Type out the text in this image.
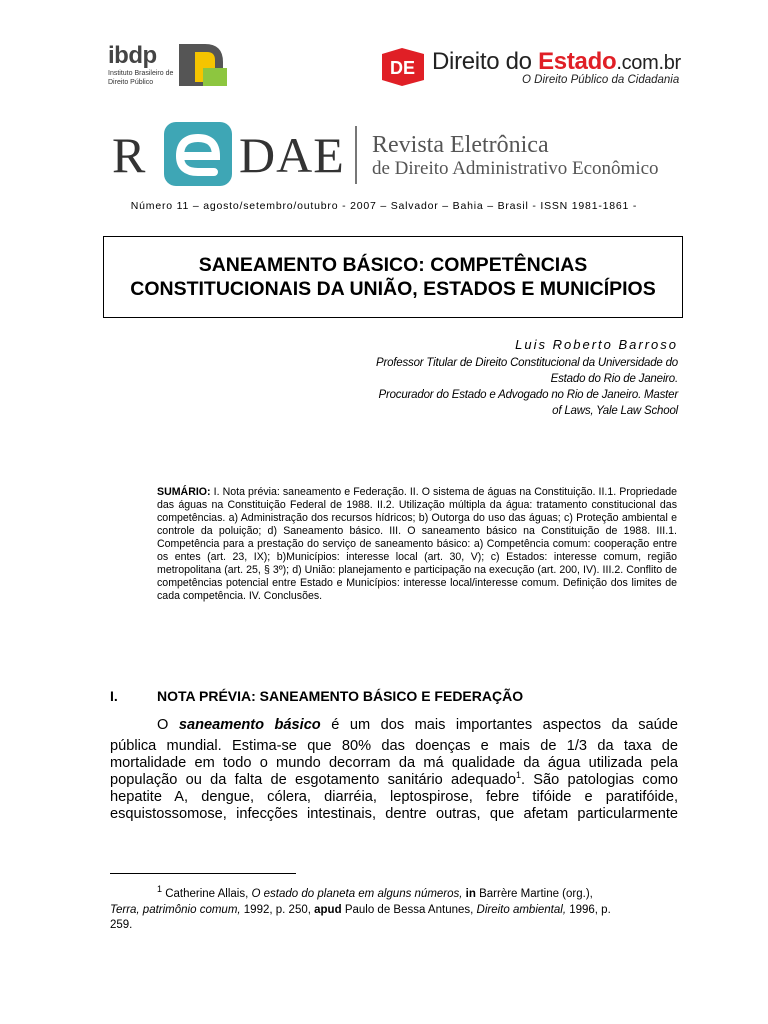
ibdp
Instituto Brasileiro de
Direito Público
DE Direito do Estado.com.br
O Direito Público da Cidadania
R DAE Revista Eletrônica
de Direito Administrativo Econômico
Número 11 – agosto/setembro/outubro - 2007 – Salvador – Bahia – Brasil - ISSN 1981-1861 -
SANEAMENTO BÁSICO: COMPETÊNCIAS
CONSTITUCIONAIS DA UNIÃO, ESTADOS E MUNICÍPIOS
Luis Roberto Barroso
Professor Titular de Direito Constitucional da Universidade do
Estado do Rio de Janeiro.
Procurador do Estado e Advogado no Rio de Janeiro. Master
of Laws, Yale Law School
SUMÁRIO: I. Nota prévia: saneamento e Federação. II. O sistema de águas na Constituição. II.1. Propriedade das águas na Constituição Federal de 1988. II.2. Utilização múltipla da água: tratamento constitucional das competências. a) Administração dos recursos hídricos; b) Outorga do uso das águas; c) Proteção ambiental e controle da poluição; d) Saneamento básico. III. O saneamento básico na Constituição de 1988. III.1. Competência para a prestação do serviço de saneamento básico: a) Competência comum: cooperação entre os entes (art. 23, IX); b)Municípios: interesse local (art. 30, V); c) Estados: interesse comum, região metropolitana (art. 25, § 3º); d) União: planejamento e participação na execução (art. 200, IV). III.2. Conflito de competências potencial entre Estado e Municípios: interesse local/interesse comum. Definição dos limites de cada competência. IV. Conclusões.
I.	NOTA PRÉVIA: SANEAMENTO BÁSICO E FEDERAÇÃO
O saneamento básico é um dos mais importantes aspectos da saúde
pública mundial. Estima-se que 80% das doenças e mais de 1/3 da taxa de
mortalidade em todo o mundo decorram da má qualidade da água utilizada pela
população ou da falta de esgotamento sanitário adequado$^1$. São patologias como
hepatite A, dengue, cólera, diarréia, leptospirose, febre tifóide e paratifóide,
esquistossomose, infecções intestinais, dentre outras, que afetam particularmente
$^1$ Catherine Allais, O estado do planeta em alguns números, in Barrère Martine (org.),
Terra, patrimônio comum, 1992, p. 250, apud Paulo de Bessa Antunes, Direito ambiental, 1996, p.
259.
